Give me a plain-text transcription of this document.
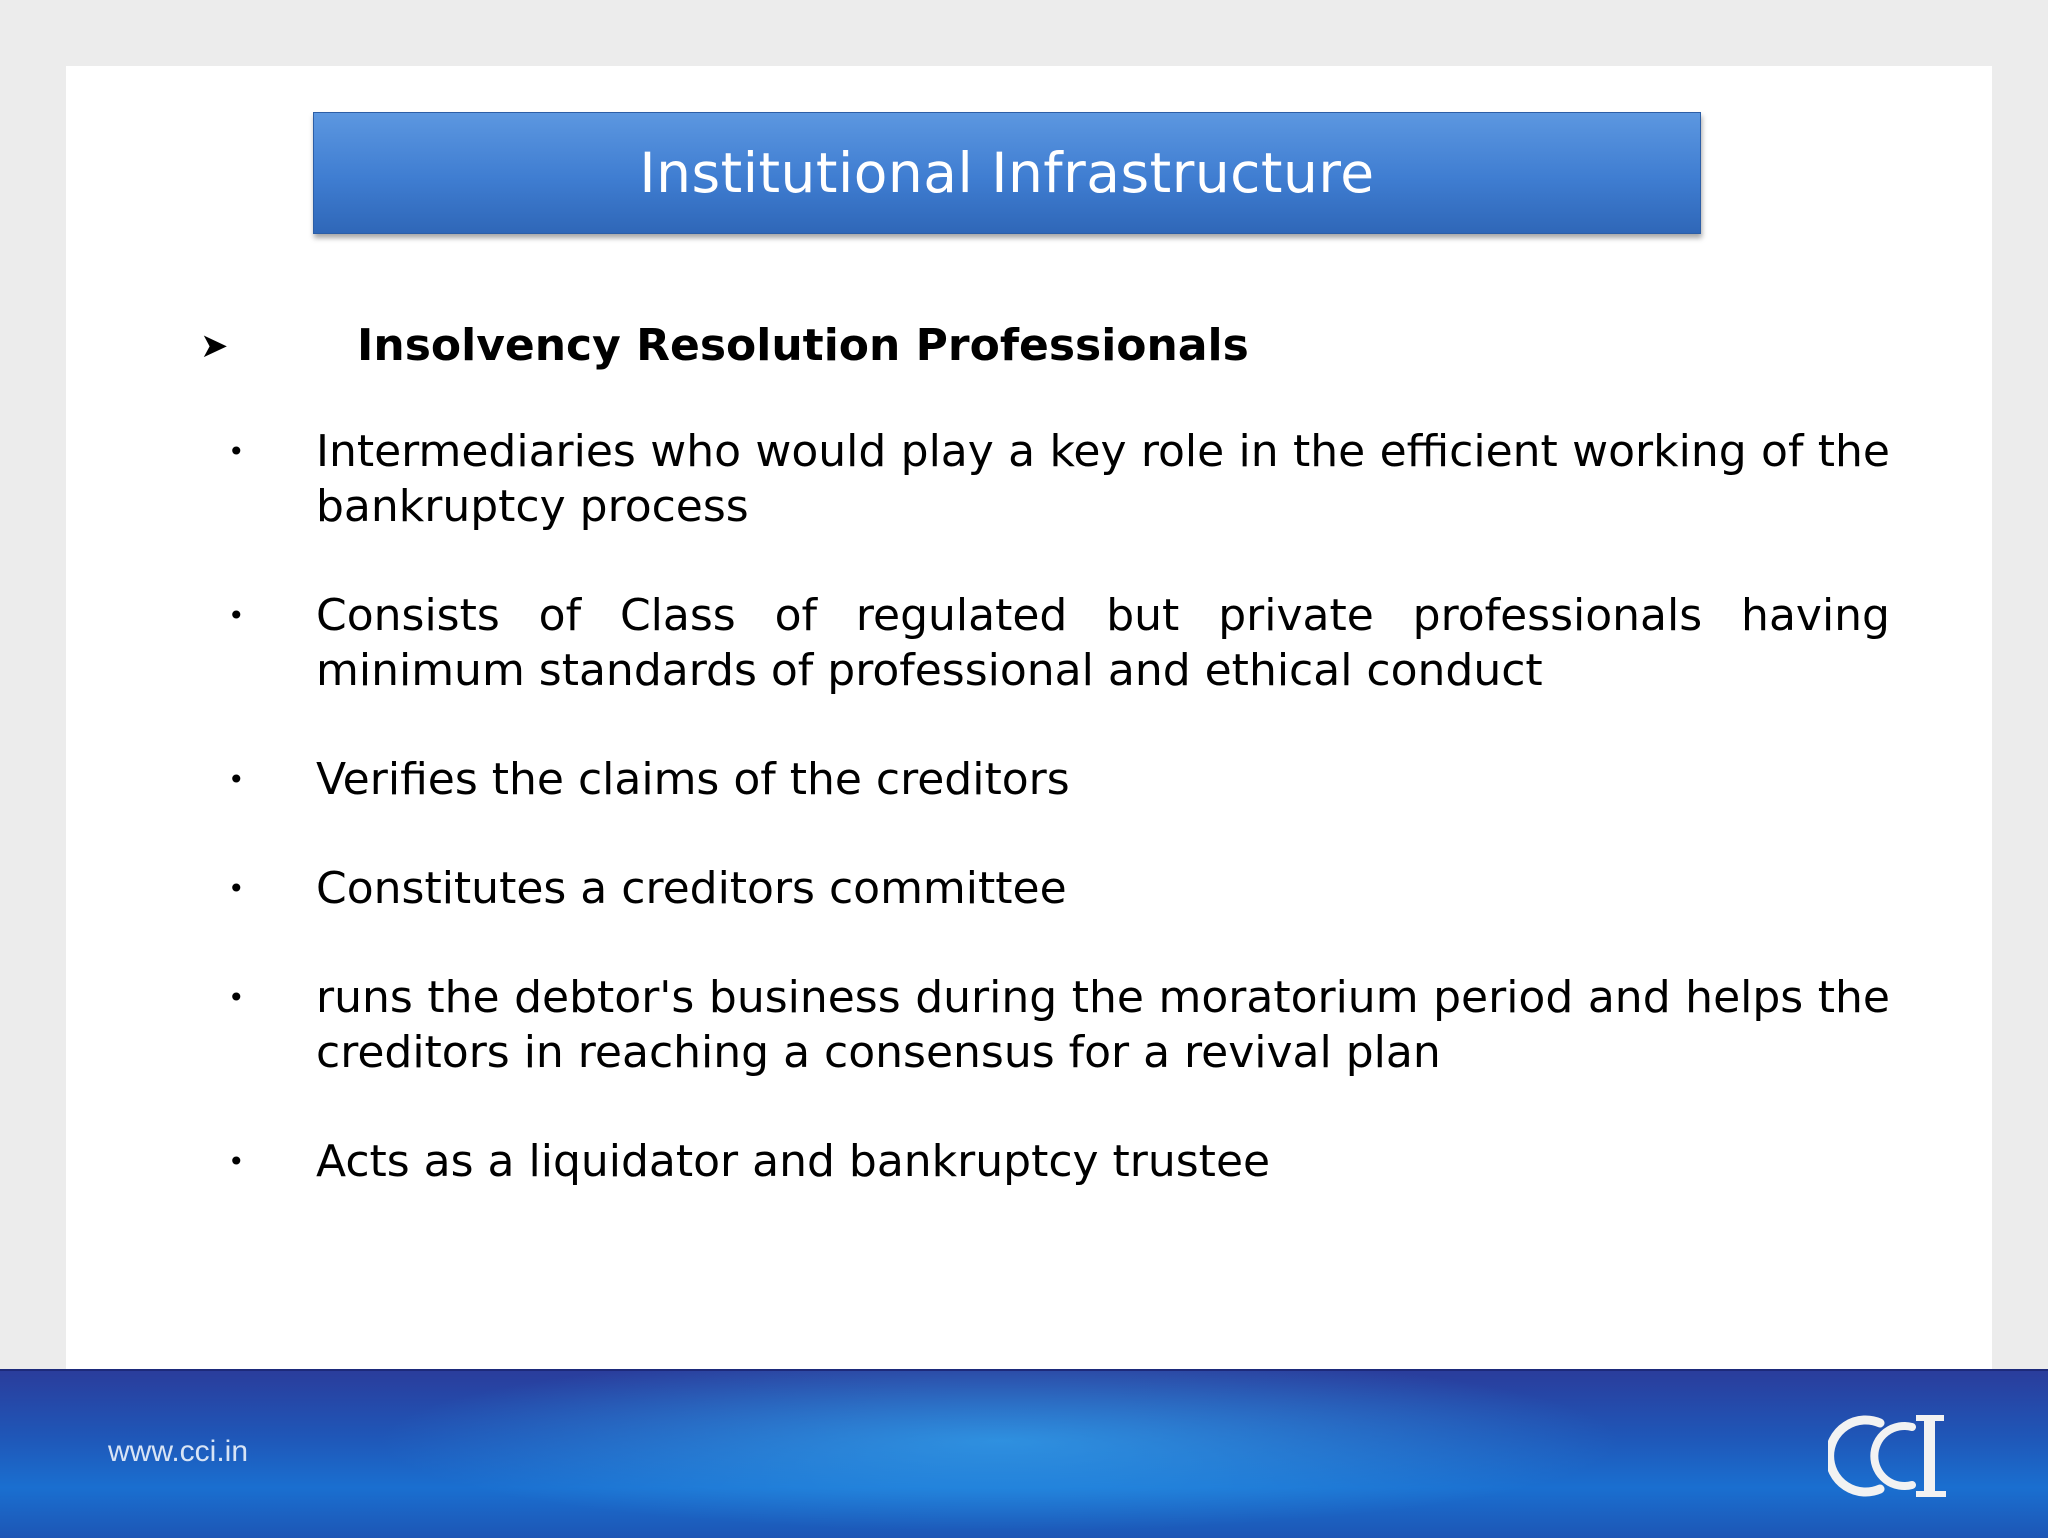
Institutional Infrastructure
➤	Insolvency Resolution Professionals
• Intermediaries who would play a key role in the efficient working of the bankruptcy process
• Consists of Class of regulated but private professionals having minimum standards of professional and ethical conduct
• Verifies the claims of the creditors
• Constitutes a creditors committee
• runs the debtor's business during the moratorium period and helps the creditors in reaching a consensus for a revival plan
• Acts as a liquidator and bankruptcy trustee
www.cci.in
